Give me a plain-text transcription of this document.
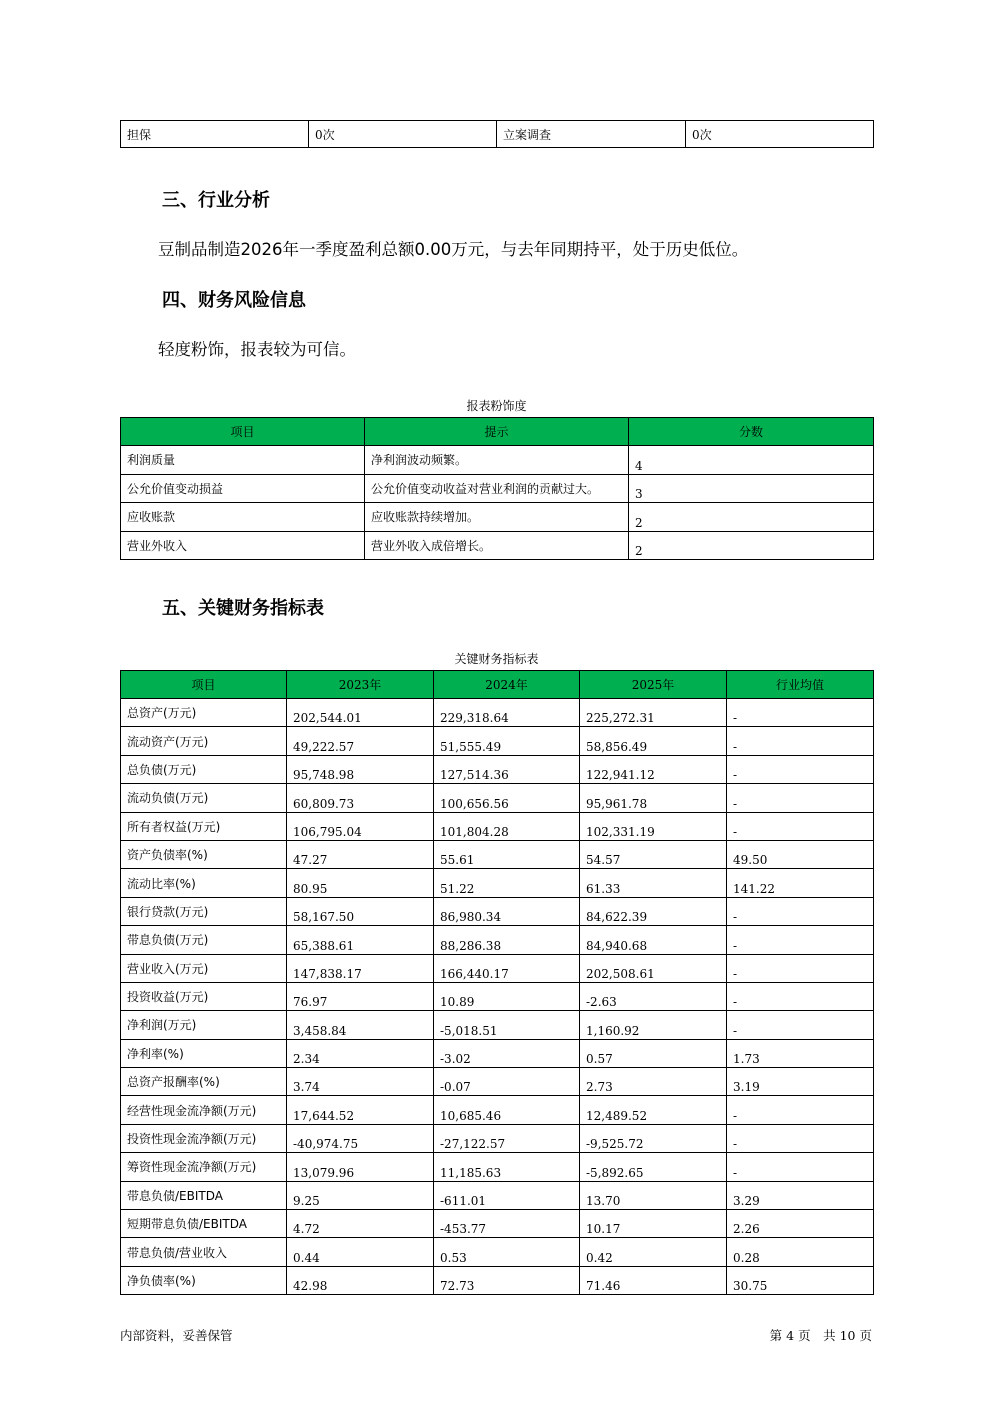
担保	0次	立案调查	0次
三、行业分析

豆制品制造2026年一季度盈利总额0.00万元，与去年同期持平，处于历史低位。

四、财务风险信息

轻度粉饰，报表较为可信。

报表粉饰度
项目	提示	分数
利润质量	净利润波动频繁。	4
公允价值变动损益	公允价值变动收益对营业利润的贡献过大。	3
应收账款	应收账款持续增加。	2
营业外收入	营业外收入成倍增长。	2
五、关键财务指标表
关键财务指标表
项目	2023年	2024年	2025年	行业均值
总资产(万元)	202,544.01	229,318.64	225,272.31	-
流动资产(万元)	49,222.57	51,555.49	58,856.49	-
总负债(万元)	95,748.98	127,514.36	122,941.12	-
流动负债(万元)	60,809.73	100,656.56	95,961.78	-
所有者权益(万元)	106,795.04	101,804.28	102,331.19	-
资产负债率(%)	47.27	55.61	54.57	49.50
流动比率(%)	80.95	51.22	61.33	141.22
银行贷款(万元)	58,167.50	86,980.34	84,622.39	-
带息负债(万元)	65,388.61	88,286.38	84,940.68	-
营业收入(万元)	147,838.17	166,440.17	202,508.61	-
投资收益(万元)	76.97	10.89	-2.63	-
净利润(万元)	3,458.84	-5,018.51	1,160.92	-
净利率(%)	2.34	-3.02	0.57	1.73
总资产报酬率(%)	3.74	-0.07	2.73	3.19
经营性现金流净额(万元)	17,644.52	10,685.46	12,489.52	-
投资性现金流净额(万元)	-40,974.75	-27,122.57	-9,525.72	-
筹资性现金流净额(万元)	13,079.96	11,185.63	-5,892.65	-
带息负债/EBITDA	9.25	-611.01	13.70	3.29
短期带息负债/EBITDA	4.72	-453.77	10.17	2.26
带息负债/营业收入	0.44	0.53	0.42	0.28
净负债率(%)	42.98	72.73	71.46	30.75
内部资料，妥善保管	第 4 页　共 10 页
